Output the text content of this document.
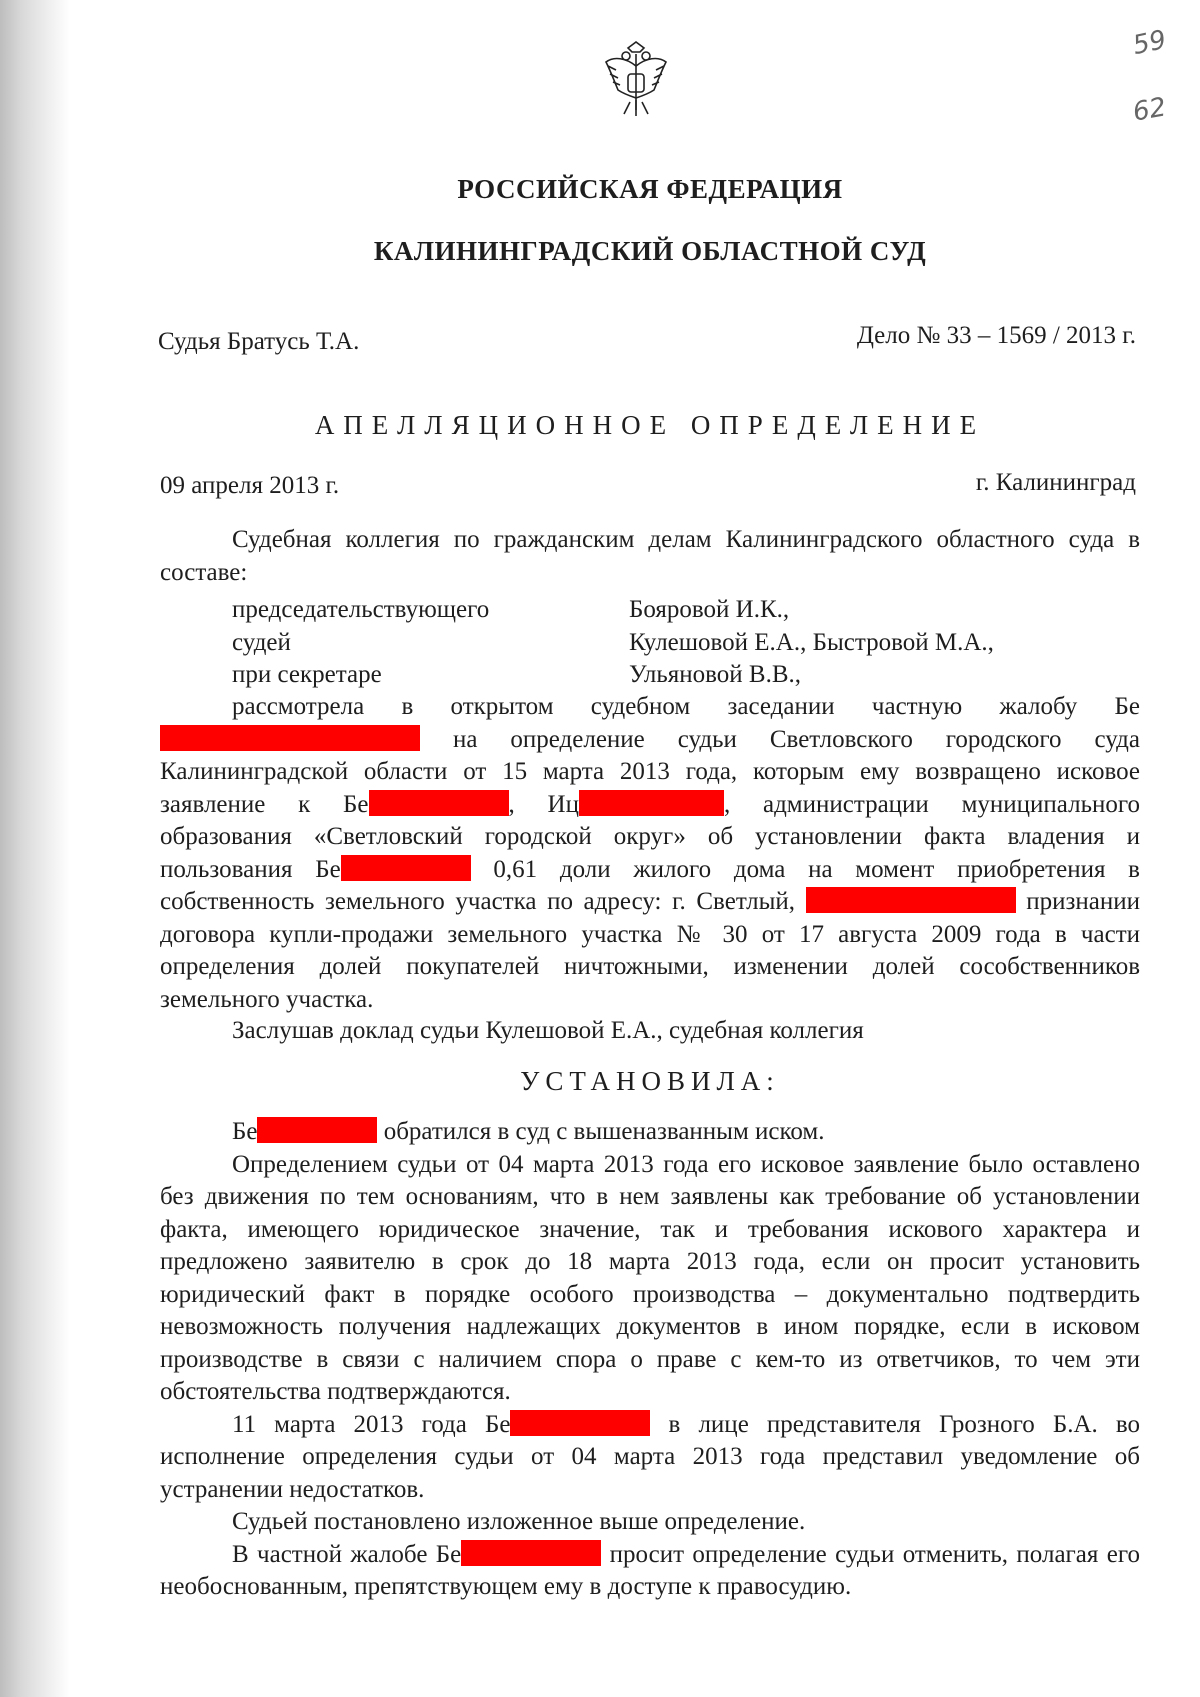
59
62
РОССИЙСКАЯ ФЕДЕРАЦИЯ
КАЛИНИНГРАДСКИЙ ОБЛАСТНОЙ СУД
Судья Братусь Т.А.	Дело № 33 – 1569 / 2013 г.
АПЕЛЛЯЦИОННОЕ ОПРЕДЕЛЕНИЕ
09 апреля 2013 г.	г. Калининград
Судебная коллегия по гражданским делам Калининградского областного суда в составе:
председательствующего	Бояровой И.К.,
судей	Кулешовой Е.А., Быстровой М.А.,
при секретаре	Ульяновой В.В.,
рассмотрела в открытом судебном заседании частную жалобу Бе на определение судьи Светловского городского суда Калининградской области от 15 марта 2013 года, которым ему возвращено исковое заявление к Бе	, Иц	, администрации муниципального образования «Светловский городской округ» об установлении факта владения и пользования Бе	0,61 доли жилого дома на момент приобретения в собственность земельного участка по адресу: г. Светлый,	признании договора купли-продажи земельного участка № 30 от 17 августа 2009 года в части определения долей покупателей ничтожными, изменении долей сособственников земельного участка.
Заслушав доклад судьи Кулешовой Е.А., судебная коллегия
УСТАНОВИЛА:
Бе	обратился в суд с вышеназванным иском.
Определением судьи от 04 марта 2013 года его исковое заявление было оставлено без движения по тем основаниям, что в нем заявлены как требование об установлении факта, имеющего юридическое значение, так и требования искового характера и предложено заявителю в срок до 18 марта 2013 года, если он просит установить юридический факт в порядке особого производства – документально подтвердить невозможность получения надлежащих документов в ином порядке, если в исковом производстве в связи с наличием спора о праве с кем-то из ответчиков, то чем эти обстоятельства подтверждаются.
11 марта 2013 года Бе	в лице представителя Грозного Б.А. во исполнение определения судьи от 04 марта 2013 года представил уведомление об устранении недостатков.
Судьей постановлено изложенное выше определение.
В частной жалобе Бе	просит определение судьи отменить, полагая его необоснованным, препятствующем ему в доступе к правосудию.
